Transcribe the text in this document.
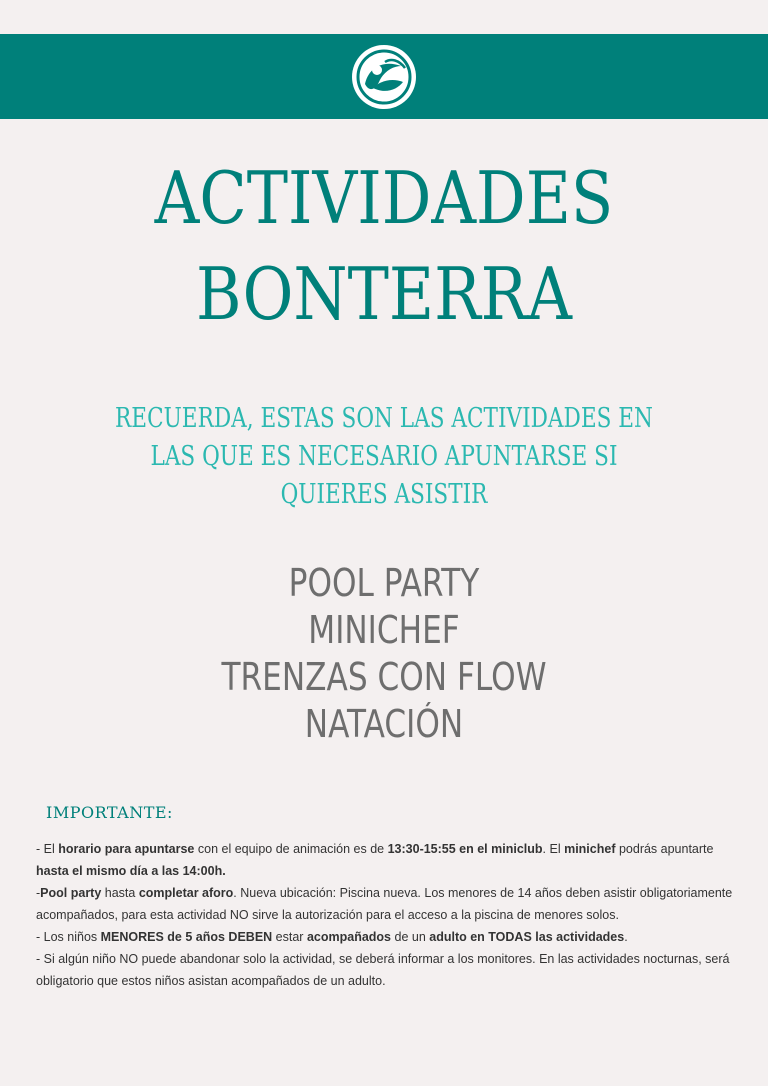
ACTIVIDADES
BONTERRA
RECUERDA, ESTAS SON LAS ACTIVIDADES EN
LAS QUE ES NECESARIO APUNTARSE SI
QUIERES ASISTIR
POOL PARTY
MINICHEF
TRENZAS CON FLOW
NATACIÓN
IMPORTANTE:

- El horario para apuntarse con el equipo de animación es de 13:30-15:55 en el miniclub. El minichef podrás apuntarte hasta el mismo día a las 14:00h.

-Pool party hasta completar aforo. Nueva ubicación: Piscina nueva. Los menores de 14 años deben asistir obligatoriamente acompañados, para esta actividad NO sirve la autorización para el acceso a la piscina de menores solos.

- Los niños MENORES de 5 años DEBEN estar acompañados de un adulto en TODAS las actividades.

- Si algún niño NO puede abandonar solo la actividad, se deberá informar a los monitores. En las actividades nocturnas, será obligatorio que estos niños asistan acompañados de un adulto.
